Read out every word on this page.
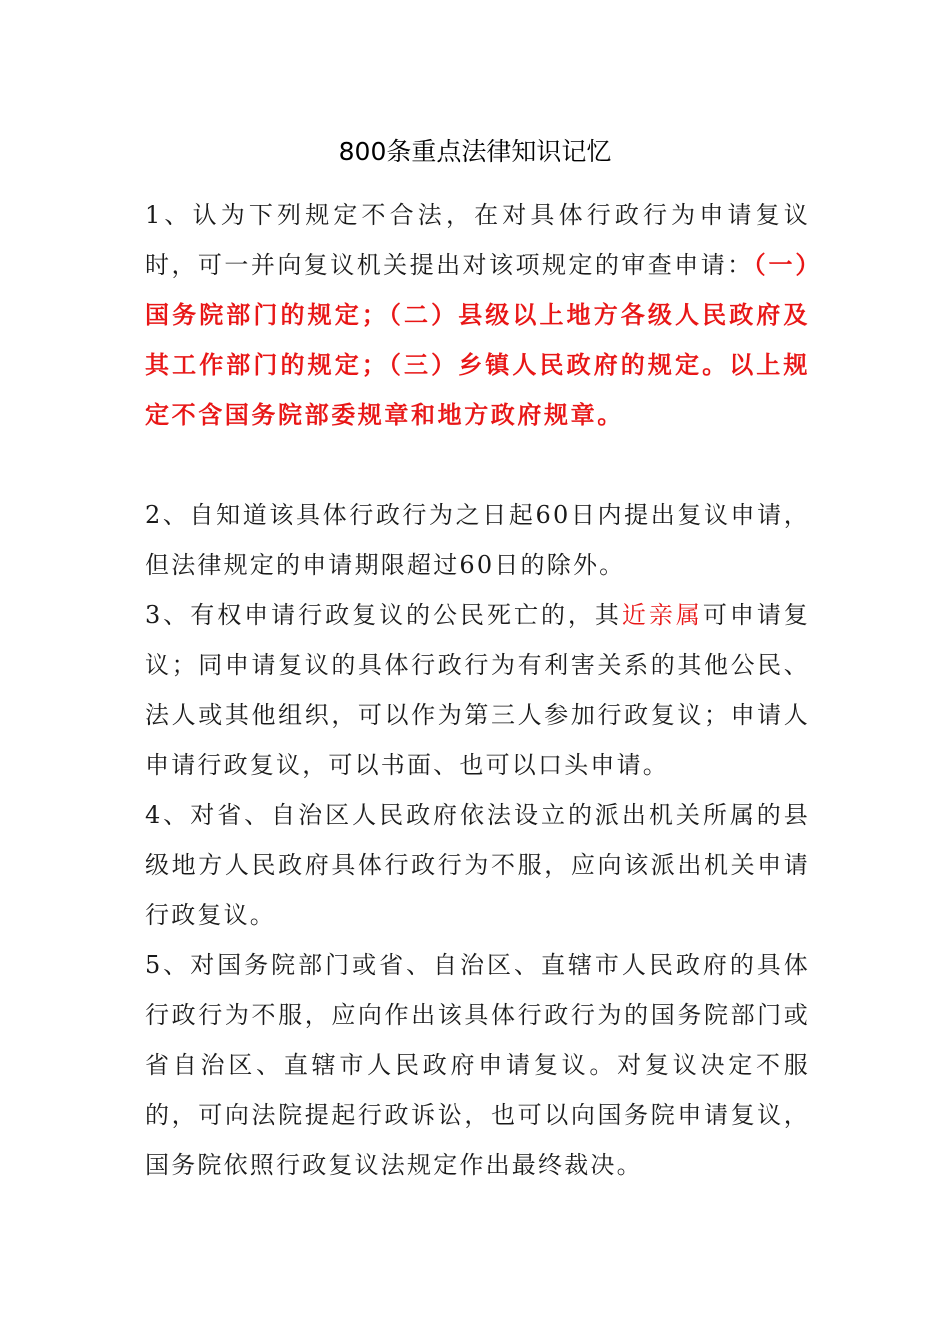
800条重点法律知识记忆

1、认为下列规定不合法，在对具体行政行为申请复议时，可一并向复议机关提出对该项规定的审查申请：（一）国务院部门的规定；（二）县级以上地方各级人民政府及其工作部门的规定；（三）乡镇人民政府的规定。以上规定不含国务院部委规章和地方政府规章。

2、自知道该具体行政行为之日起60日内提出复议申请，但法律规定的申请期限超过60日的除外。

3、有权申请行政复议的公民死亡的，其近亲属可申请复议；同申请复议的具体行政行为有利害关系的其他公民、法人或其他组织，可以作为第三人参加行政复议；申请人申请行政复议，可以书面、也可以口头申请。

4、对省、自治区人民政府依法设立的派出机关所属的县级地方人民政府具体行政行为不服，应向该派出机关申请行政复议。

5、对国务院部门或省、自治区、直辖市人民政府的具体行政行为不服，应向作出该具体行政行为的国务院部门或省自治区、直辖市人民政府申请复议。对复议决定不服的，可向法院提起行政诉讼，也可以向国务院申请复议，国务院依照行政复议法规定作出最终裁决。
